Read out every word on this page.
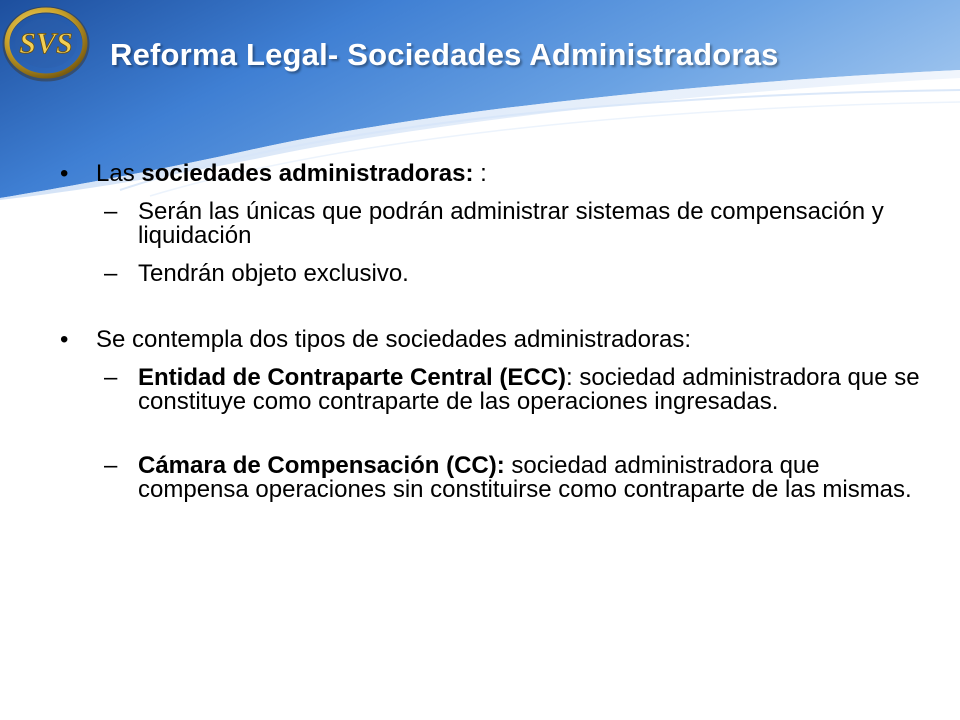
SVS Reforma Legal- Sociedades Administradoras
• Las sociedades administradoras: :
– Serán las únicas que podrán administrar sistemas de compensación y liquidación
– Tendrán objeto exclusivo.
• Se contempla dos tipos de sociedades administradoras:
– Entidad de Contraparte Central (ECC): sociedad administradora que se constituye como contraparte de las operaciones ingresadas.
– Cámara de Compensación (CC): sociedad administradora que compensa operaciones sin constituirse como contraparte de las mismas.
